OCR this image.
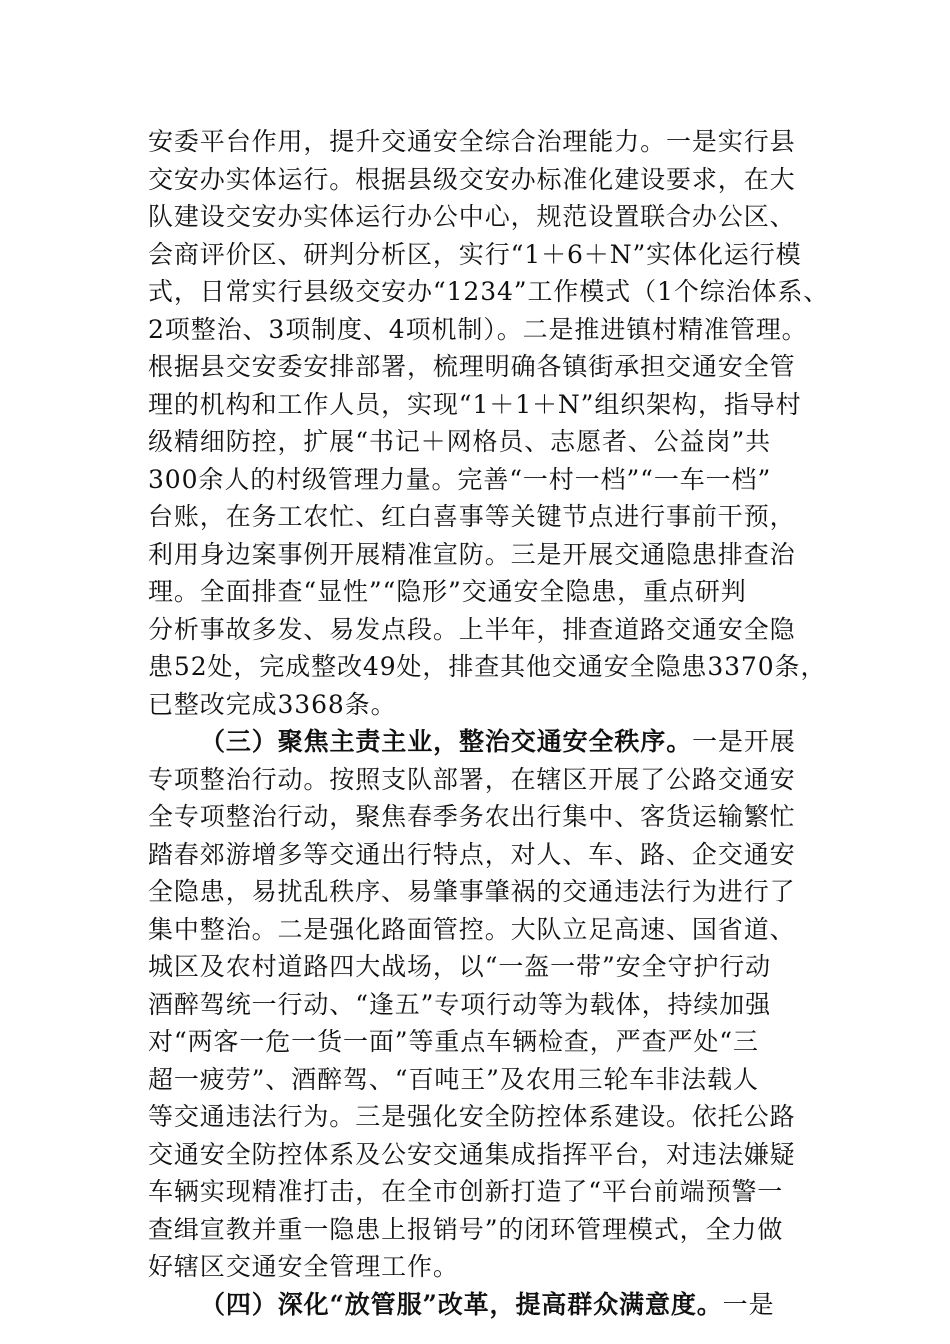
安委平台作用，提升交通安全综合治理能力。一是实行县
交安办实体运行。根据县级交安办标准化建设要求，在大
队建设交安办实体运行办公中心，规范设置联合办公区、
会商评价区、研判分析区，实行“1＋6＋N”实体化运行模
式，日常实行县级交安办“1234”工作模式（1个综治体系、
2项整治、3项制度、4项机制）。二是推进镇村精准管理。
根据县交安委安排部署，梳理明确各镇街承担交通安全管
理的机构和工作人员，实现“1＋1＋N”组织架构，指导村
级精细防控，扩展“书记＋网格员、志愿者、公益岗”共
300余人的村级管理力量。完善“一村一档”“一车一档”
台账，在务工农忙、红白喜事等关键节点进行事前干预，
利用身边案事例开展精准宣防。三是开展交通隐患排查治
理。全面排查“显性”“隐形”交通安全隐患，重点研判
分析事故多发、易发点段。上半年，排查道路交通安全隐
患52处，完成整改49处，排查其他交通安全隐患3370条，
已整改完成3368条。
（三）聚焦主责主业，整治交通安全秩序。一是开展
专项整治行动。按照支队部署，在辖区开展了公路交通安
全专项整治行动，聚焦春季务农出行集中、客货运输繁忙
踏春郊游增多等交通出行特点，对人、车、路、企交通安
全隐患，易扰乱秩序、易肇事肇祸的交通违法行为进行了
集中整治。二是强化路面管控。大队立足高速、国省道、
城区及农村道路四大战场，以“一盔一带”安全守护行动
酒醉驾统一行动、“逢五”专项行动等为载体，持续加强
对“两客一危一货一面”等重点车辆检查，严查严处“三
超一疲劳”、酒醉驾、“百吨王”及农用三轮车非法载人
等交通违法行为。三是强化安全防控体系建设。依托公路
交通安全防控体系及公安交通集成指挥平台，对违法嫌疑
车辆实现精准打击，在全市创新打造了“平台前端预警一
查缉宣教并重一隐患上报销号”的闭环管理模式，全力做
好辖区交通安全管理工作。
（四）深化“放管服”改革，提高群众满意度。一是
